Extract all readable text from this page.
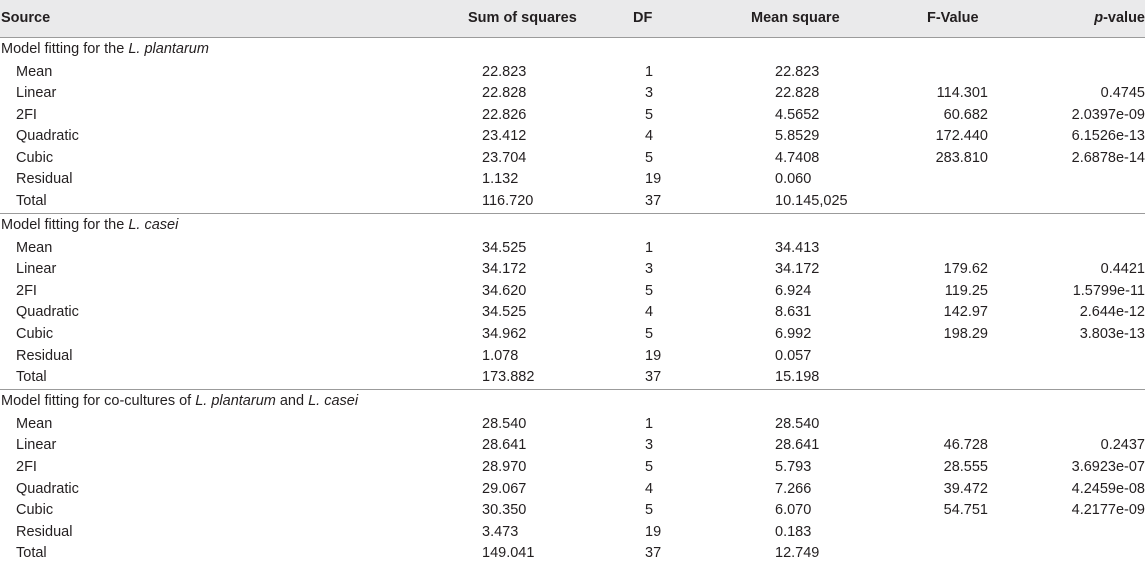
Source	Sum of squares	DF	Mean square	F-Value	p-value
Model fitting for the L. plantarum					
Mean	22.823	1	22.823		
Linear	22.828	3	22.828	114.301	0.4745
2FI	22.826	5	4.5652	60.682	2.0397e-09
Quadratic	23.412	4	5.8529	172.440	6.1526e-13
Cubic	23.704	5	4.7408	283.810	2.6878e-14
Residual	1.132	19	0.060		
Total	116.720	37	10.145,025		
Model fitting for the L. casei					
Mean	34.525	1	34.413		
Linear	34.172	3	34.172	179.62	0.4421
2FI	34.620	5	6.924	119.25	1.5799e-11
Quadratic	34.525	4	8.631	142.97	2.644e-12
Cubic	34.962	5	6.992	198.29	3.803e-13
Residual	1.078	19	0.057		
Total	173.882	37	15.198		
Model fitting for co-cultures of L. plantarum and L. casei					
Mean	28.540	1	28.540		
Linear	28.641	3	28.641	46.728	0.2437
2FI	28.970	5	5.793	28.555	3.6923e-07
Quadratic	29.067	4	7.266	39.472	4.2459e-08
Cubic	30.350	5	6.070	54.751	4.2177e-09
Residual	3.473	19	0.183		
Total	149.041	37	12.749		
